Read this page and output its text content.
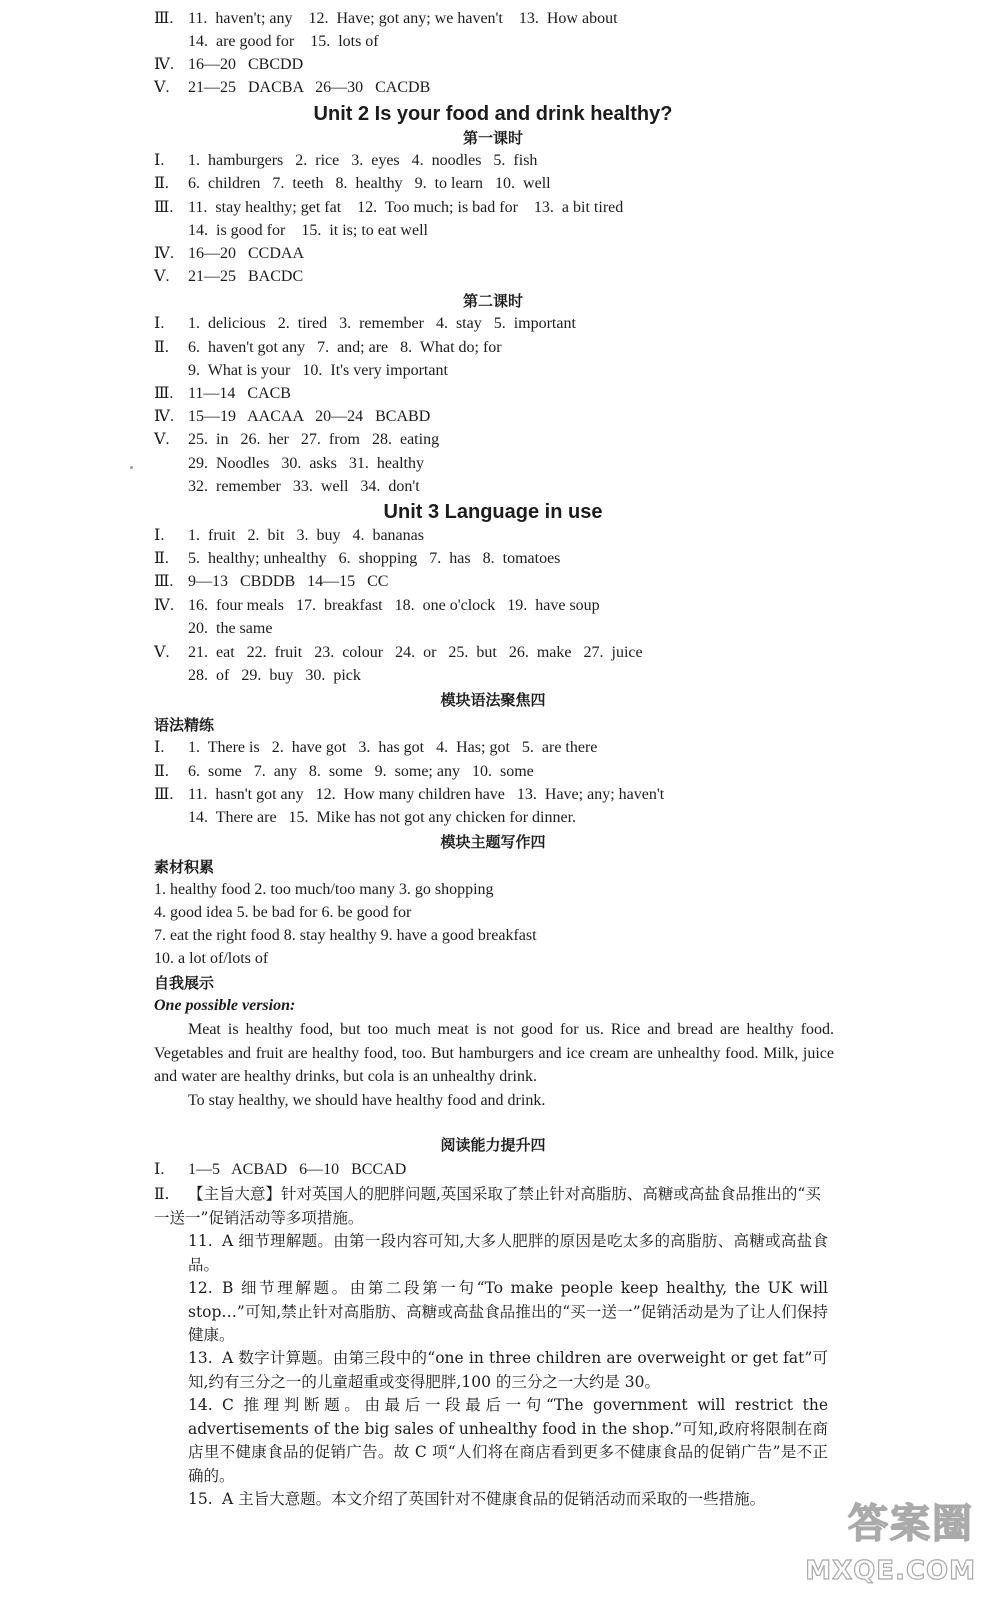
Ⅲ. 11.  haven't; any    12.  Have; got any; we haven't    13.  How about
14.  are good for    15.  lots of
Ⅳ. 16—20   CBCDD
Ⅴ. 21—25   DACBA   26—30   CACDB
Unit 2 Is your food and drink healthy?
第一课时
Ⅰ. 1.  hamburgers   2.  rice   3.  eyes   4.  noodles   5.  fish
Ⅱ. 6.  children   7.  teeth   8.  healthy   9.  to learn   10.  well
Ⅲ. 11.  stay healthy; get fat    12.  Too much; is bad for    13.  a bit tired
14.  is good for    15.  it is; to eat well
Ⅳ. 16—20   CCDAA
Ⅴ. 21—25   BACDC
第二课时
Ⅰ. 1.  delicious   2.  tired   3.  remember   4.  stay   5.  important
Ⅱ. 6.  haven't got any   7.  and; are   8.  What do; for
9.  What is your   10.  It's very important
Ⅲ. 11—14   CACB
Ⅳ. 15—19   AACAA   20—24   BCABD
Ⅴ. 25.  in   26.  her   27.  from   28.  eating
29.  Noodles   30.  asks   31.  healthy
32.  remember   33.  well   34.  don't
Unit 3 Language in use
Ⅰ. 1.  fruit   2.  bit   3.  buy   4.  bananas
Ⅱ. 5.  healthy; unhealthy   6.  shopping   7.  has   8.  tomatoes
Ⅲ. 9—13   CBDDB   14—15   CC
Ⅳ. 16.  four meals   17.  breakfast   18.  one o'clock   19.  have soup
20.  the same
Ⅴ. 21.  eat   22.  fruit   23.  colour   24.  or   25.  but   26.  make   27.  juice
28.  of   29.  buy   30.  pick
模块语法聚焦四
语法精练
Ⅰ. 1.  There is   2.  have got   3.  has got   4.  Has; got   5.  are there
Ⅱ. 6.  some   7.  any   8.  some   9.  some; any   10.  some
Ⅲ. 11.  hasn't got any   12.  How many children have   13.  Have; any; haven't
14.  There are   15.  Mike has not got any chicken for dinner.
模块主题写作四
素材积累
1. healthy food 2. too much/too many 3. go shopping
4. good idea 5. be bad for 6. be good for
7. eat the right food 8. stay healthy 9. have a good breakfast
10. a lot of/lots of
自我展示
One possible version:

Meat is healthy food, but too much meat is not good for us. Rice and bread are healthy food. Vegetables and fruit are healthy food, too. But hamburgers and ice cream are unhealthy food. Milk, juice and water are healthy drinks, but cola is an unhealthy drink.

To stay healthy, we should have healthy food and drink.

阅读能力提升四
Ⅰ. 1—5   ACBAD   6—10   BCCAD
Ⅱ. 【主旨大意】针对英国人的肥胖问题,英国采取了禁止针对高脂肪、高糖或高盐食品推出的“买一送一”促销活动等多项措施。
11. A 细节理解题。由第一段内容可知,大多人肥胖的原因是吃太多的高脂肪、高糖或高盐食品。
12. B 细节理解题。由第二段第一句“To make people keep healthy, the UK will stop…”可知,禁止针对高脂肪、高糖或高盐食品推出的“买一送一”促销活动是为了让人们保持健康。
13. A 数字计算题。由第三段中的“one in three children are overweight or get fat”可知,约有三分之一的儿童超重或变得肥胖,100 的三分之一大约是 30。
14. C 推理判断题。由最后一段最后一句“The government will restrict the advertisements of the big sales of unhealthy food in the shop.”可知,政府将限制在商店里不健康食品的促销广告。故 C 项“人们将在商店看到更多不健康食品的促销广告”是不正确的。
15. A 主旨大意题。本文介绍了英国针对不健康食品的促销活动而采取的一些措施。
答案圈
MXQE.COM
